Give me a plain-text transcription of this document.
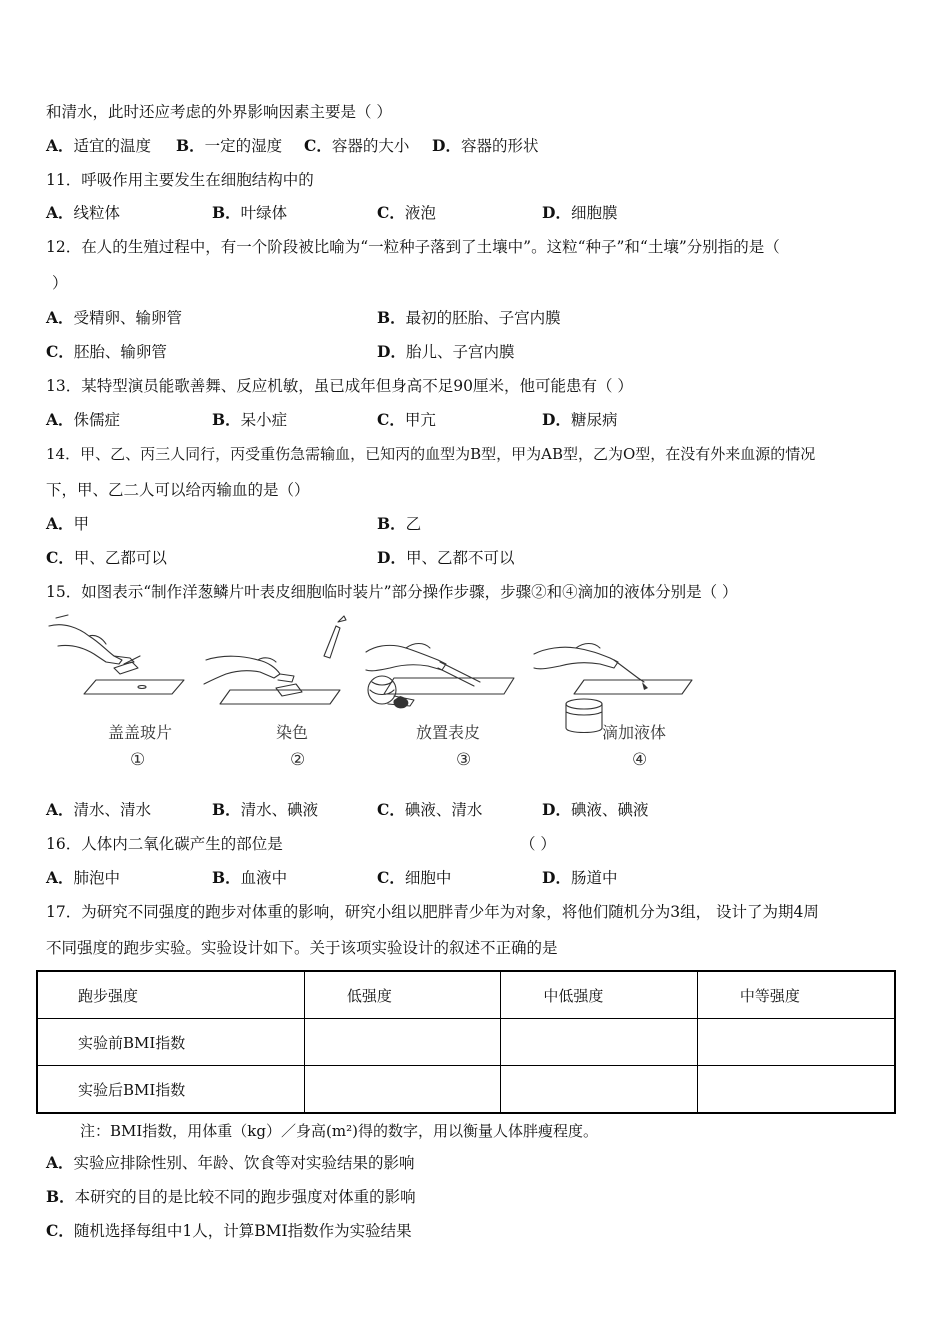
和清水，此时还应考虑的外界影响因素主要是（ ）
A．适宜的温度 B．一定的湿度 C．容器的大小 D．容器的形状
11．呼吸作用主要发生在细胞结构中的
A．线粒体	B．叶绿体	C．液泡	D．细胞膜
12．在人的生殖过程中，有一个阶段被比喻为“一粒种子落到了土壤中”。这粒“种子”和“土壤”分别指的是（
）
A．受精卵、输卵管	B．最初的胚胎、子宫内膜
C．胚胎、输卵管	D．胎儿、子宫内膜
13．某特型演员能歌善舞、反应机敏，虽已成年但身高不足90厘米，他可能患有（ ）
A．侏儒症	B．呆小症	C．甲亢	D．糖尿病
14．甲、乙、丙三人同行，丙受重伤急需输血，已知丙的血型为B型，甲为AB型，乙为O型，在没有外来血源的情况
下，甲、乙二人可以给丙输血的是（）
A．甲	B．乙
C．甲、乙都可以	D．甲、乙都不可以
15．如图表示“制作洋葱鳞片叶表皮细胞临时装片”部分操作步骤，步骤②和④滴加的液体分别是（ ）
盖盖玻片	染色	放置表皮	滴加液体
①	②	③	④
A．清水、清水	B．清水、碘液	C．碘液、清水	D．碘液、碘液
16．人体内二氧化碳产生的部位是	（ ）
A．肺泡中	B．血液中	C．细胞中	D．肠道中
17．为研究不同强度的跑步对体重的影响，研究小组以肥胖青少年为对象，将他们随机分为3组， 设计了为期4周
不同强度的跑步实验。实验设计如下。关于该项实验设计的叙述不正确的是
跑步强度	低强度	中低强度	中等强度
实验前BMI指数			
实验后BMI指数			
注：BMI指数，用体重（kg）／身高(m²)得的数字，用以衡量人体胖瘦程度。
A．实验应排除性别、年龄、饮食等对实验结果的影响
B．本研究的目的是比较不同的跑步强度对体重的影响
C．随机选择每组中1人，计算BMI指数作为实验结果
